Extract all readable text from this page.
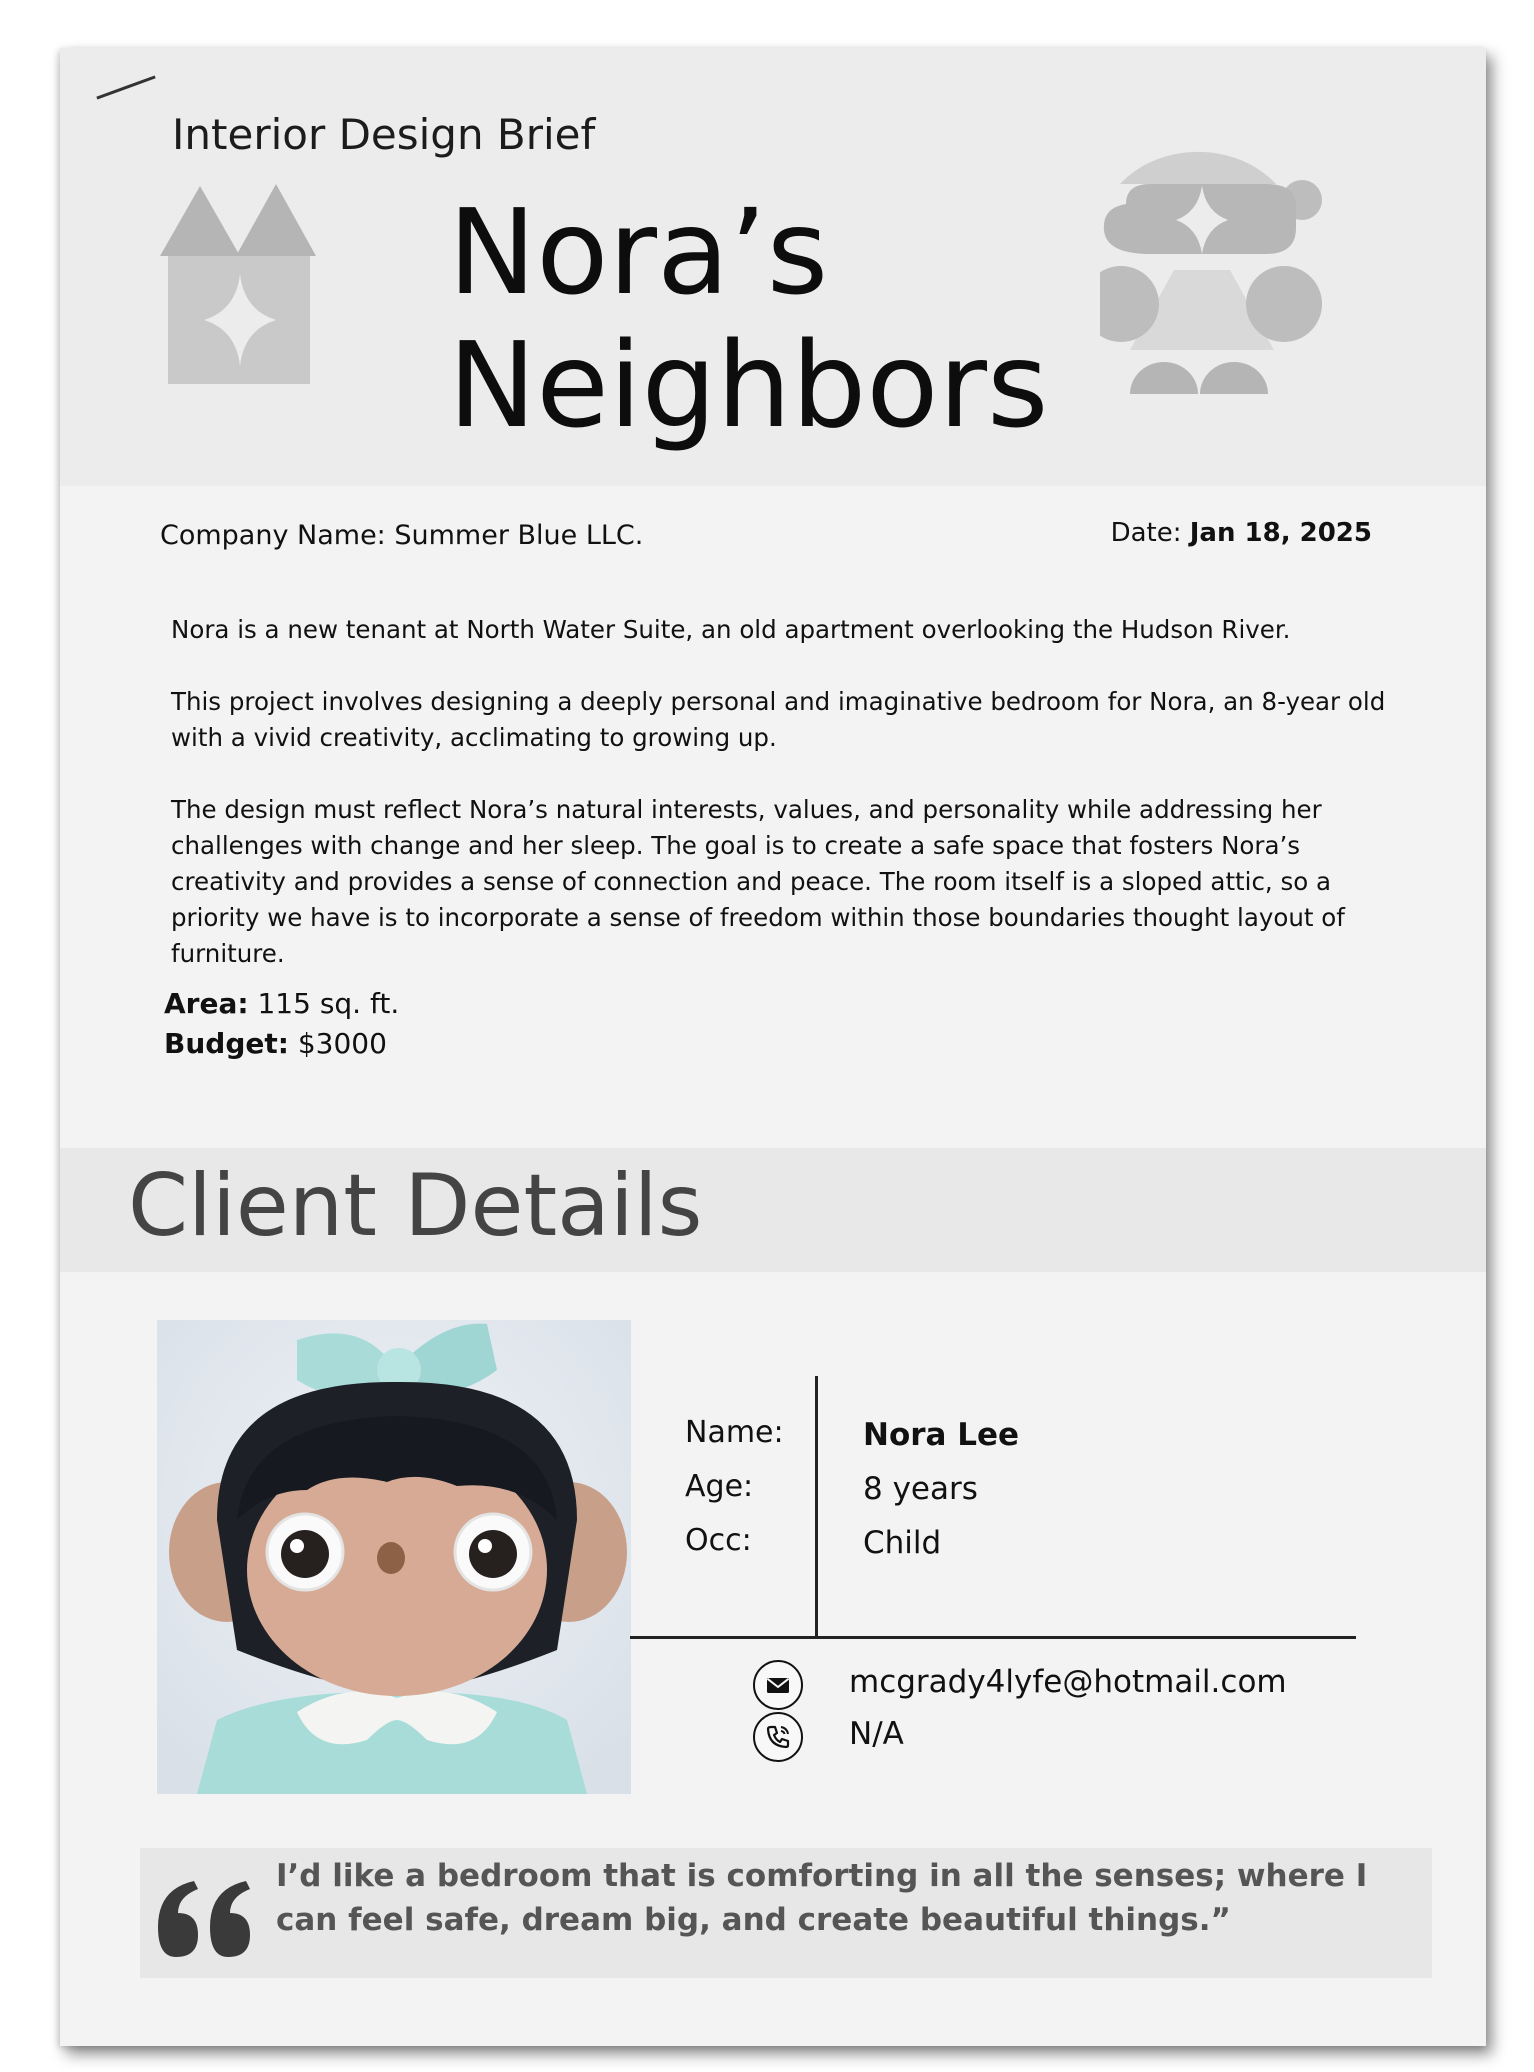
Interior Design Brief
Nora’s
Neighbors
Company Name: Summer Blue LLC.	Date: Jan 18, 2025

Nora is a new tenant at North Water Suite, an old apartment overlooking the Hudson River.

This project involves designing a deeply personal and imaginative bedroom for Nora, an 8-year old with a vivid creativity, acclimating to growing up.

The design must reflect Nora’s natural interests, values, and personality while addressing her challenges with change and her sleep. The goal is to create a safe space that fosters Nora’s creativity and provides a sense of connection and peace. The room itself is a sloped attic, so a priority we have is to incorporate a sense of freedom within those boundaries thought layout of furniture.

Area: 115 sq. ft.
Budget: $3000
Client Details
Name:
Age:
Occ:
Nora Lee
8 years
Child
mcgrady4lyfe@hotmail.com
N/A
I’d like a bedroom that is comforting in all the senses; where I can feel safe, dream big, and create beautiful things.”
